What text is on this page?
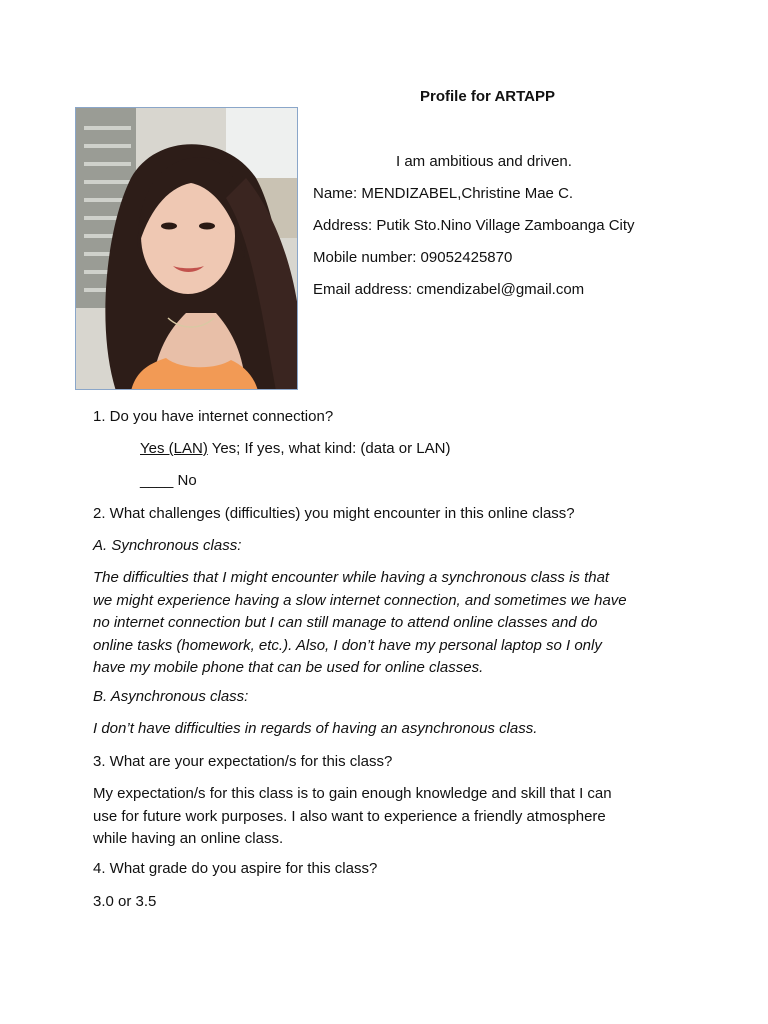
Profile for ARTAPP
I am ambitious and driven.
Name: MENDIZABEL,Christine Mae C.
Address: Putik Sto.Nino Village Zamboanga City
Mobile number: 09052425870
Email address: cmendizabel@gmail.com
1. Do you have internet connection?
Yes (LAN) Yes; If yes, what kind: (data or LAN)
____ No
2. What challenges (difficulties) you might encounter in this online class?
A. Synchronous class:
The difficulties that I might encounter while having a synchronous class is that
we might experience having a slow internet connection, and sometimes we have
no internet connection but I can still manage to attend online classes and do
online tasks (homework, etc.). Also, I don’t have my personal laptop so I only
have my mobile phone that can be used for online classes.
B. Asynchronous class:
I don’t have difficulties in regards of having an asynchronous class.
3. What are your expectation/s for this class?
My expectation/s for this class is to gain enough knowledge and skill that I can
use for future work purposes. I also want to experience a friendly atmosphere
while having an online class.
4. What grade do you aspire for this class?
3.0 or 3.5
